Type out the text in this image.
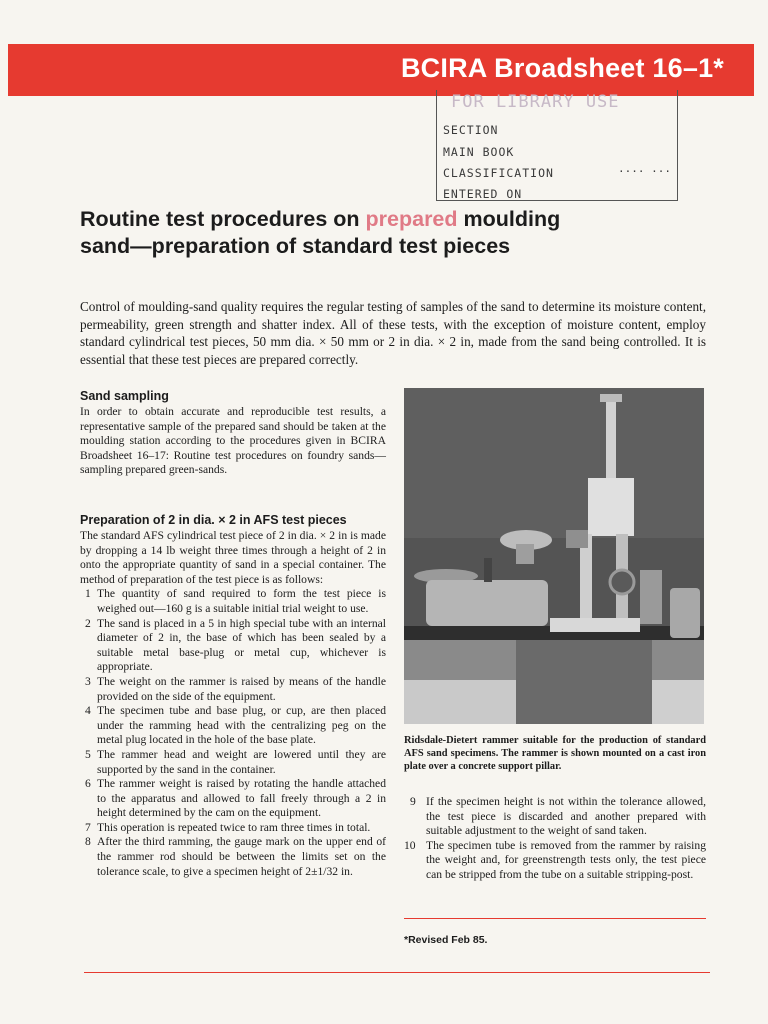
BCIRA Broadsheet 16–1*
FOR LIBRARY USE
SECTION
MAIN BOOK
CLASSIFICATION
ENTERED ON
.... ...
Routine test procedures on prepared moulding
sand—preparation of standard test pieces

Control of moulding-sand quality requires the regular testing of samples of the sand to determine its moisture content, permeability, green strength and shatter index. All of these tests, with the exception of moisture content, employ standard cylindrical test pieces, 50 mm dia. × 50 mm or 2 in dia. × 2 in, made from the sand being controlled. It is essential that these test pieces are prepared correctly.

Sand sampling

In order to obtain accurate and reproducible test results, a representative sample of the prepared sand should be taken at the moulding station according to the procedures given in BCIRA Broadsheet 16–17: Routine test procedures on foundry sands—sampling prepared green-sands.

Preparation of 2 in dia. × 2 in AFS test pieces

The standard AFS cylindrical test piece of 2 in dia. × 2 in is made by dropping a 14 lb weight three times through a height of 2 in onto the appropriate quantity of sand in a special container. The method of preparation of the test piece is as follows:

1 The quantity of sand required to form the test piece is weighed out—160 g is a suitable initial trial weight to use.
2 The sand is placed in a 5 in high special tube with an internal diameter of 2 in, the base of which has been sealed by a suitable metal base-plug or metal cup, whichever is appropriate.
3 The weight on the rammer is raised by means of the handle provided on the side of the equipment.
4 The specimen tube and base plug, or cup, are then placed under the ramming head with the centralizing peg on the metal plug located in the hole of the base plate.
5 The rammer head and weight are lowered until they are supported by the sand in the container.
6 The rammer weight is raised by rotating the handle attached to the apparatus and allowed to fall freely through a 2 in height determined by the cam on the equipment.
7 This operation is repeated twice to ram three times in total.
8 After the third ramming, the gauge mark on the upper end of the rammer rod should be between the limits set on the tolerance scale, to give a specimen height of 2±1/32 in.

Ridsdale-Dietert rammer suitable for the production of standard AFS sand specimens. The rammer is shown mounted on a cast iron plate over a concrete support pillar.

9 If the specimen height is not within the tolerance allowed, the test piece is discarded and another prepared with suitable adjustment to the weight of sand taken.
10 The specimen tube is removed from the rammer by raising the weight and, for greenstrength tests only, the test piece can be stripped from the tube on a suitable stripping-post.
*Revised Feb 85.
